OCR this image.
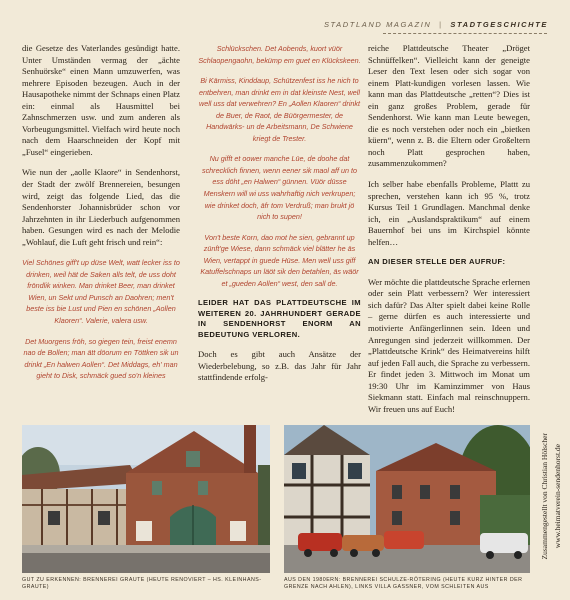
STADTLAND MAGAZIN | STADTGESCHICHTE

die Gesetze des Vaterlandes gesündigt hatte. Unter Umständen vermag der „ächte Senhuörske“ einen Mann umzuwerfen, was mehrere Episoden bezeugen. Auch in der Hausapotheke nimmt der Schnaps einen Platz ein: einmal als Hausmittel bei Zahnschmerzen usw. und zum anderen als Vorbeugungsmittel. Vielfach wird heute noch nach dem Haarschneiden der Kopf mit „Fusel“ eingerieben.

Wie nun der „aolle Klaore“ in Sendenhorst, der Stadt der zwölf Brennereien, besungen wird, zeigt das folgende Lied, das die Sendenhorster Johannisbrüder schon vor Jahrzehnten in ihr Liederbuch aufgenommen haben. Gesungen wird es nach der Melodie „Wohlauf, die Luft geht frisch und rein“:

Viel Schönes giff't up düse Welt, watt lecker iss to drinken, weil hät de Saken alls telt, de uss doht fröndlik winken. Man drinket Beer, man drinket Wien, un Sekt und Punsch an Daohren; men't beste iss bie Lust und Pien en schönen „Aollen Klaoren“. Valerie, valera usw.

Det Muorgens fröh, so giegen tein, freist enemn nao de Bollen; man ätt döorum en Töttken sik un drinkt „En halwen Aollen“. Det Middags, eh' man gieht to Disk, schmäck gued so'n kleines

Schlückschen. Det Aobends, kuort vüör Schlaopengaohn, bekümp em guet en Klückskeen.

Bi Kärmiss, Kinddaup, Schützenfest iss he nich to entbehren, man drinkt em in dat kleinste Nest, well well uss dat verwehren? En „Aollen Klaoren“ drinkt de Buer, de Raot, de Büörgermester, de Handwärks- un de Arbeitsmann, De Schwiene kriegt de Trester.

Nu gifft et oower manche Lüe, de doohe dat schrecklich finnen, wenn eener sik maol aff un to ess döht „en Halwen“ günnen. Vüör düsse Menskern will wi uss wahrhaftig nich verkrupen; wie drinket doch, äfr tom Verdruß; man brukt jö nich to supen!

Von't beste Korn, dao mot he sien, gebrannt up zünft'ge Wiese, dann schmäck viel blätter he äs Wien, vertappt in guede Hüse. Men well uss giff Katuffelschnaps un läöt sik den betahlen, äs wäör et „gueden Aollen“ west, den sall de.

LEIDER HAT DAS PLATTDEUTSCHE IM WEITEREN 20. JAHRHUNDERT GERADE IN SENDENHORST ENORM AN BEDEUTUNG VERLOREN.

Doch es gibt auch Ansätze der Wiederbelebung, so z.B. das Jahr für Jahr stattfindende erfolg-

reiche Plattdeutsche Theater „Dröget Schnüffelken“. Vielleicht kann der geneigte Leser den Text lesen oder sich sogar von einem Platt-kundigen vorlesen lassen. Wie kann man das Plattdeutsche „retten“? Dies ist ein ganz großes Problem, gerade für Sendenhorst. Wie kann man Leute bewegen, die es noch verstehen oder noch ein „bietken küern“, wenn z. B. die Eltern oder Großeltern noch Platt gesprochen haben, zusammenzukommen?

Ich selber habe ebenfalls Probleme, Plattt zu sprechen, verstehen kann ich 95 %, trotz Kursus Teil 1 Grundlagen. Manchmal denke ich, ein „Auslandspraktikum“ auf einem Bauernhof bei uns im Kirchspiel könnte helfen…

AN DIESER STELLE DER AUFRUF:

Wer möchte die plattdeutsche Sprache erlernen oder sein Platt verbessern? Wer interessiert sich dafür? Das Alter spielt dabei keine Rolle – gerne dürfen es auch interessierte und motivierte Anfängerlinnen sein. Ideen und Anregungen sind jederzeit willkommen. Der „Plattdeutsche Krink“ des Heimatvereins hilft auf jeden Fall auch, die Sprache zu verbessern. Er findet jeden 3. Mittwoch im Monat um 19:30 Uhr im Kaminzimmer von Haus Siekmann statt. Einfach mal reinschnuppern. Wir freuen uns auf Euch!

GUT ZU ERKENNEN: BRENNEREI GRAUTE (HEUTE RENOVIERT – HS. KLEINHANS-GRAUTE)
AUS DEN 1980ERN: BRENNEREI SCHULZE-RÖTERING (HEUTE KURZ HINTER DER GRENZE NACH AHLEN), LINKS VILLA GASSNER, VOM SCHLEITEN AUS
Zusammengestellt von Christian Hölscher www.heimatverein-sendenhorst.de
